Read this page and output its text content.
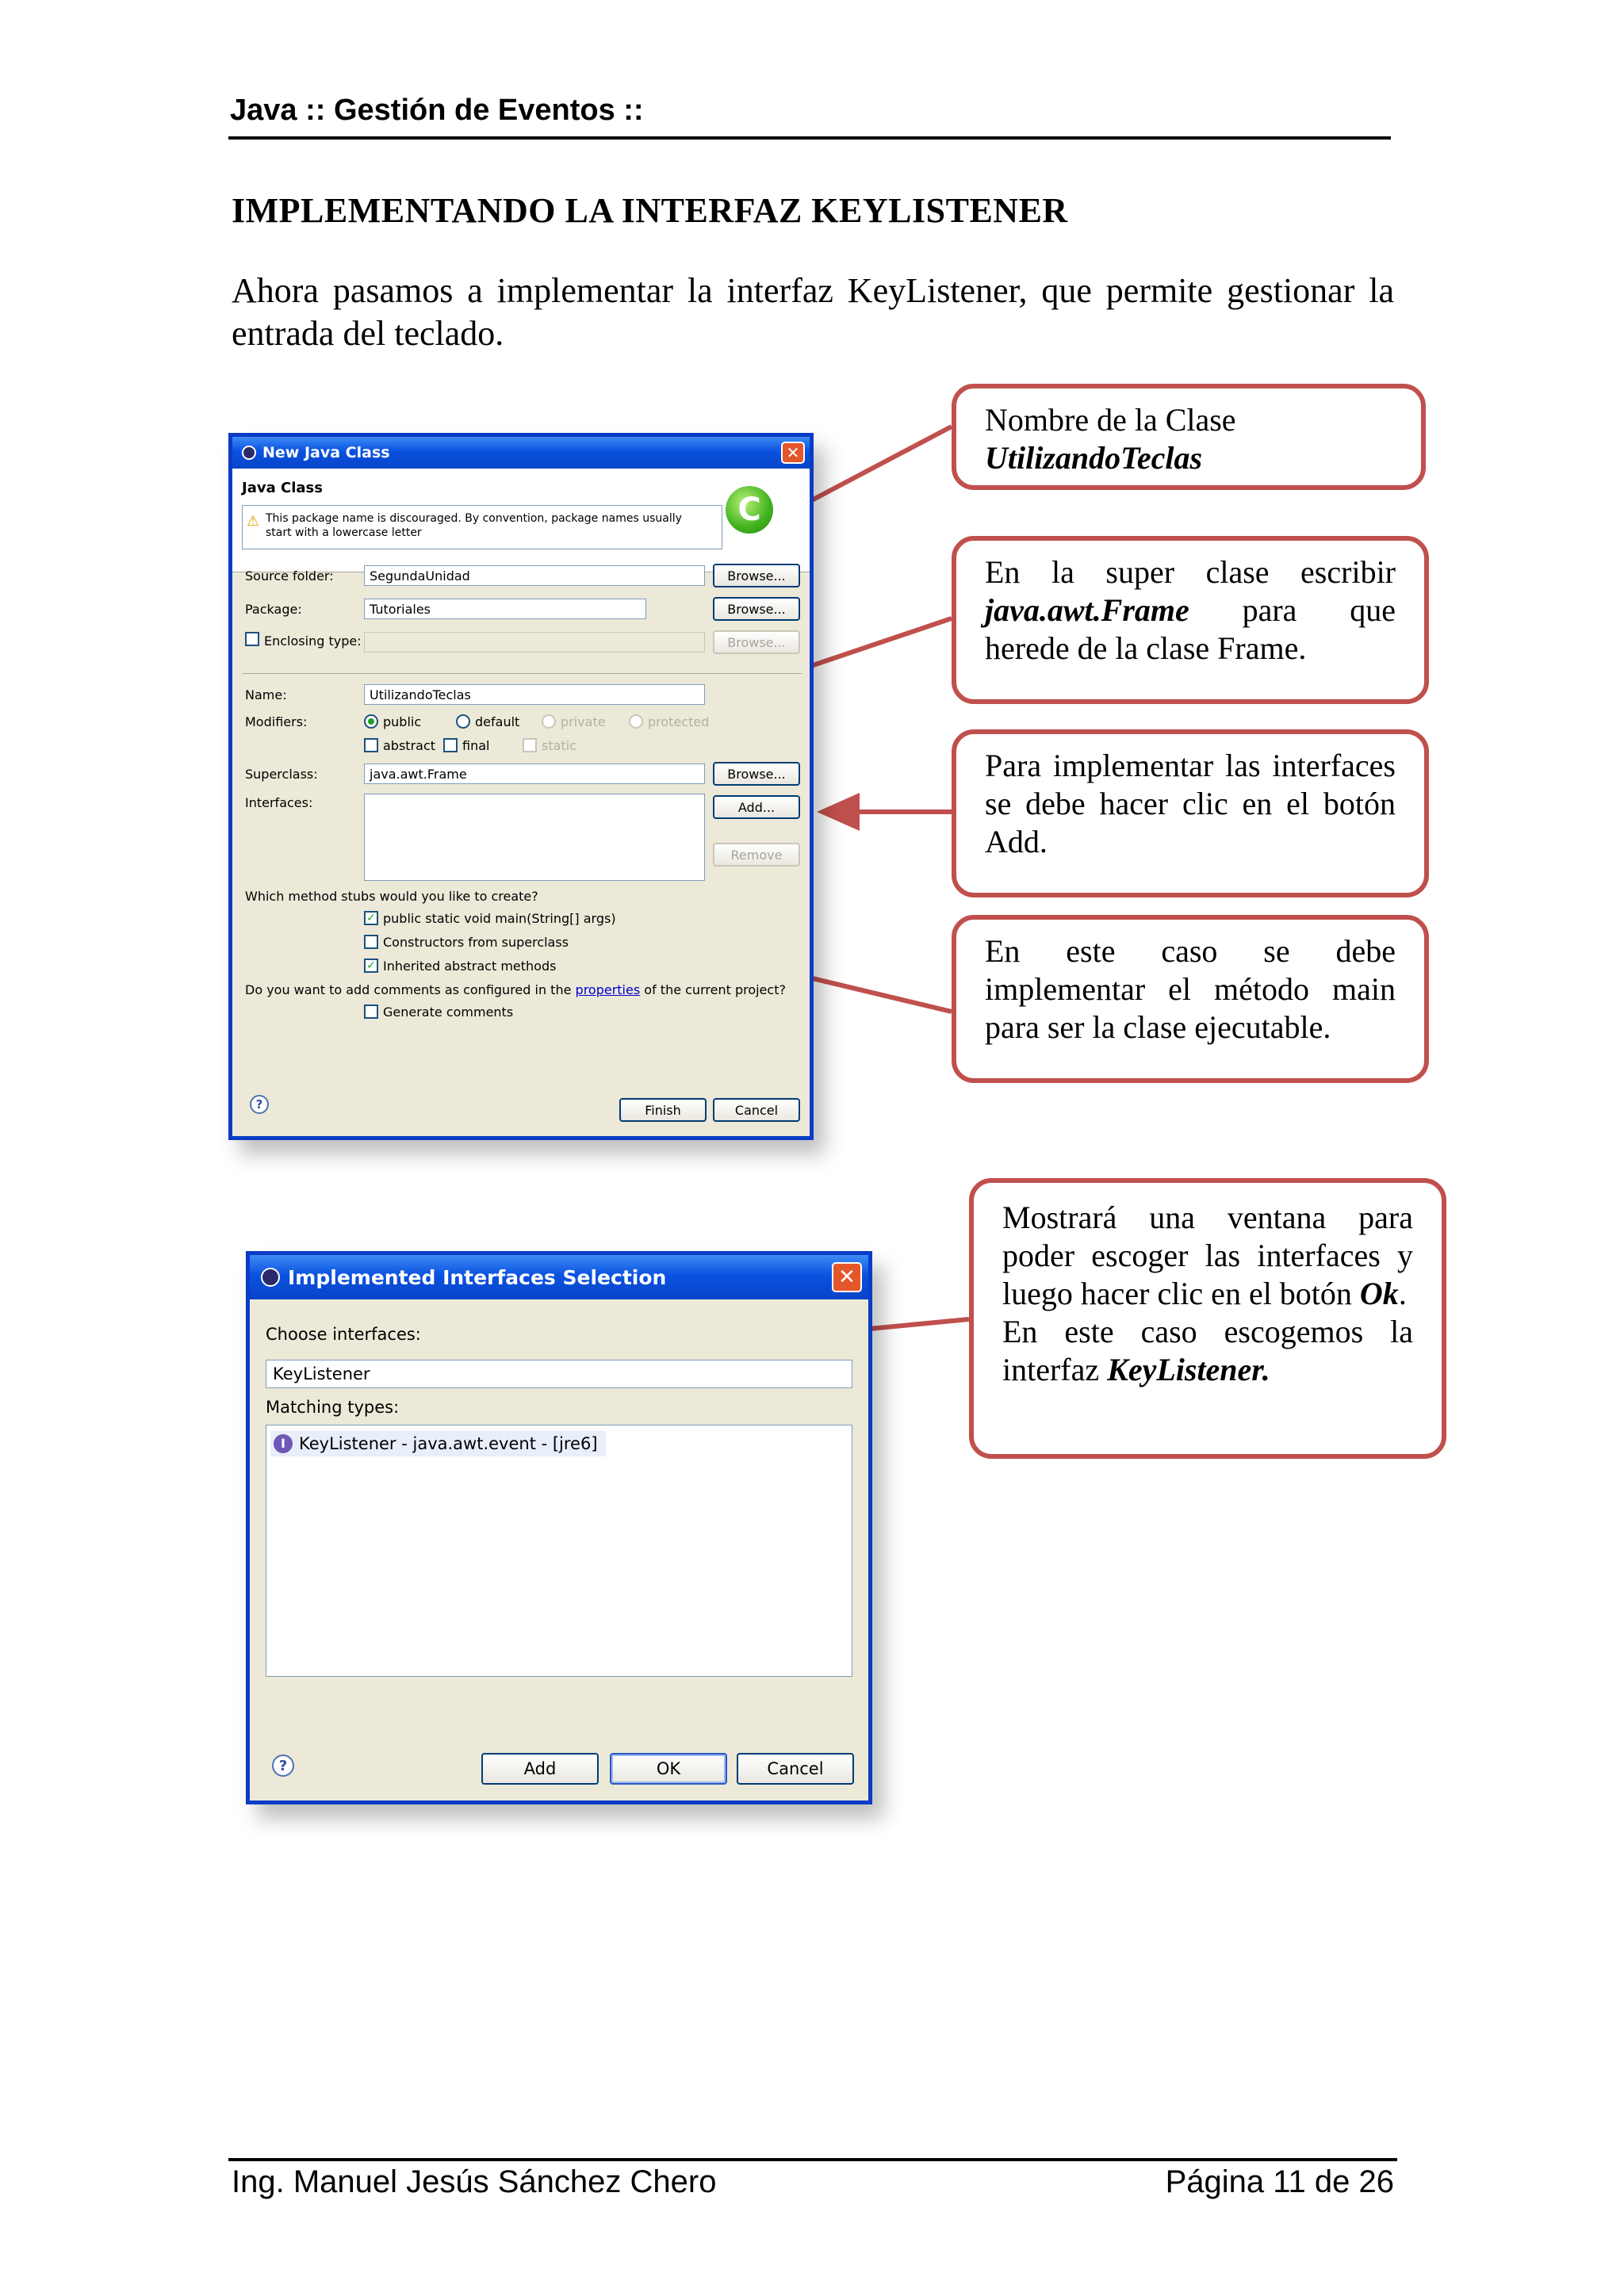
Java :: Gestión de Eventos ::
IMPLEMENTANDO LA INTERFAZ KEYLISTENER
Ahora pasamos a implementar la interfaz KeyListener, que permite gestionar la entrada del teclado.
Nombre de la Clase
UtilizandoTeclas
En la super clase escribir java.awt.Frame para que herede de la clase Frame.
Para implementar las interfaces se debe hacer clic en el botón Add.
En este caso se debe implementar el método main para ser la clase ejecutable.
Mostrará una ventana para poder escoger las interfaces y luego hacer clic en el botón Ok.
En este caso escogemos la interfaz KeyListener.
New Java Class	✕
Java Class
⚠ This package name is discouraged. By convention, package names usually start with a lowercase letter
C
Source folder:	SegundaUnidad	Browse...
Package:	Tutoriales	Browse...
Enclosing type:	Browse...
Name:	UtilizandoTeclas
Modifiers:	public	default	private	protected
abstract final	static
Superclass:	java.awt.Frame	Browse...
Interfaces:	Add...
Remove
Which method stubs would you like to create?
✓ public static void main(String[] args)
Constructors from superclass
✓ Inherited abstract methods
Do you want to add comments as configured in the properties of the current project?
Generate comments
?	Finish	Cancel
Implemented Interfaces Selection	✕
Choose interfaces:
KeyListener
Matching types:
I KeyListener - java.awt.event - [jre6]
?	Add	OK	Cancel
Ing. Manuel Jesús Sánchez Chero	Página 11 de 26
